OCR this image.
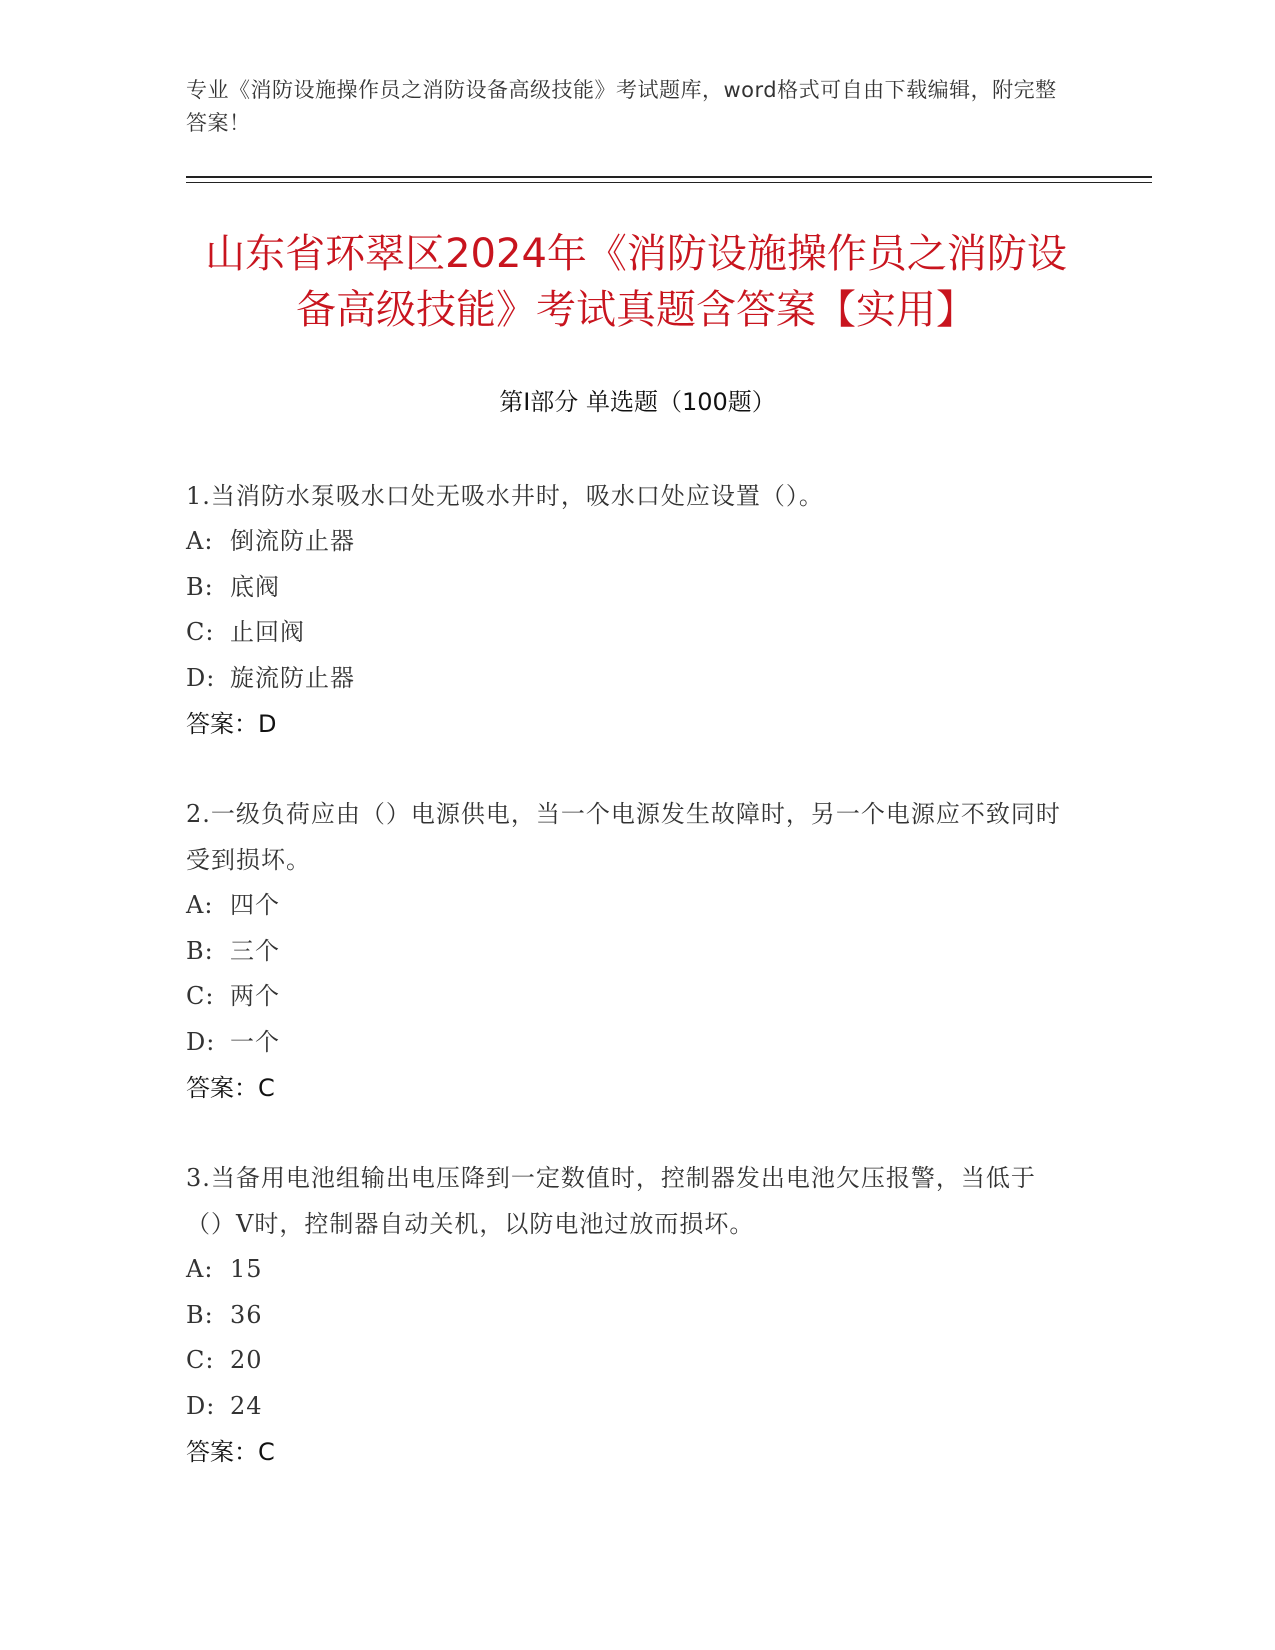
专业《消防设施操作员之消防设备高级技能》考试题库，word格式可自由下载编辑，附完整答案！
山东省环翠区2024年《消防设施操作员之消防设备高级技能》考试真题含答案【实用】
第Ⅰ部分 单选题（100题）
1.当消防水泵吸水口处无吸水井时，吸水口处应设置（）。
A: 倒流防止器
B: 底阀
C: 止回阀
D: 旋流防止器
答案：D
2.一级负荷应由（）电源供电，当一个电源发生故障时，另一个电源应不致同时受到损坏。
A: 四个
B: 三个
C: 两个
D: 一个
答案：C
3.当备用电池组输出电压降到一定数值时，控制器发出电池欠压报警，当低于（）V时，控制器自动关机，以防电池过放而损坏。
A: 15
B: 36
C: 20
D: 24
答案：C
